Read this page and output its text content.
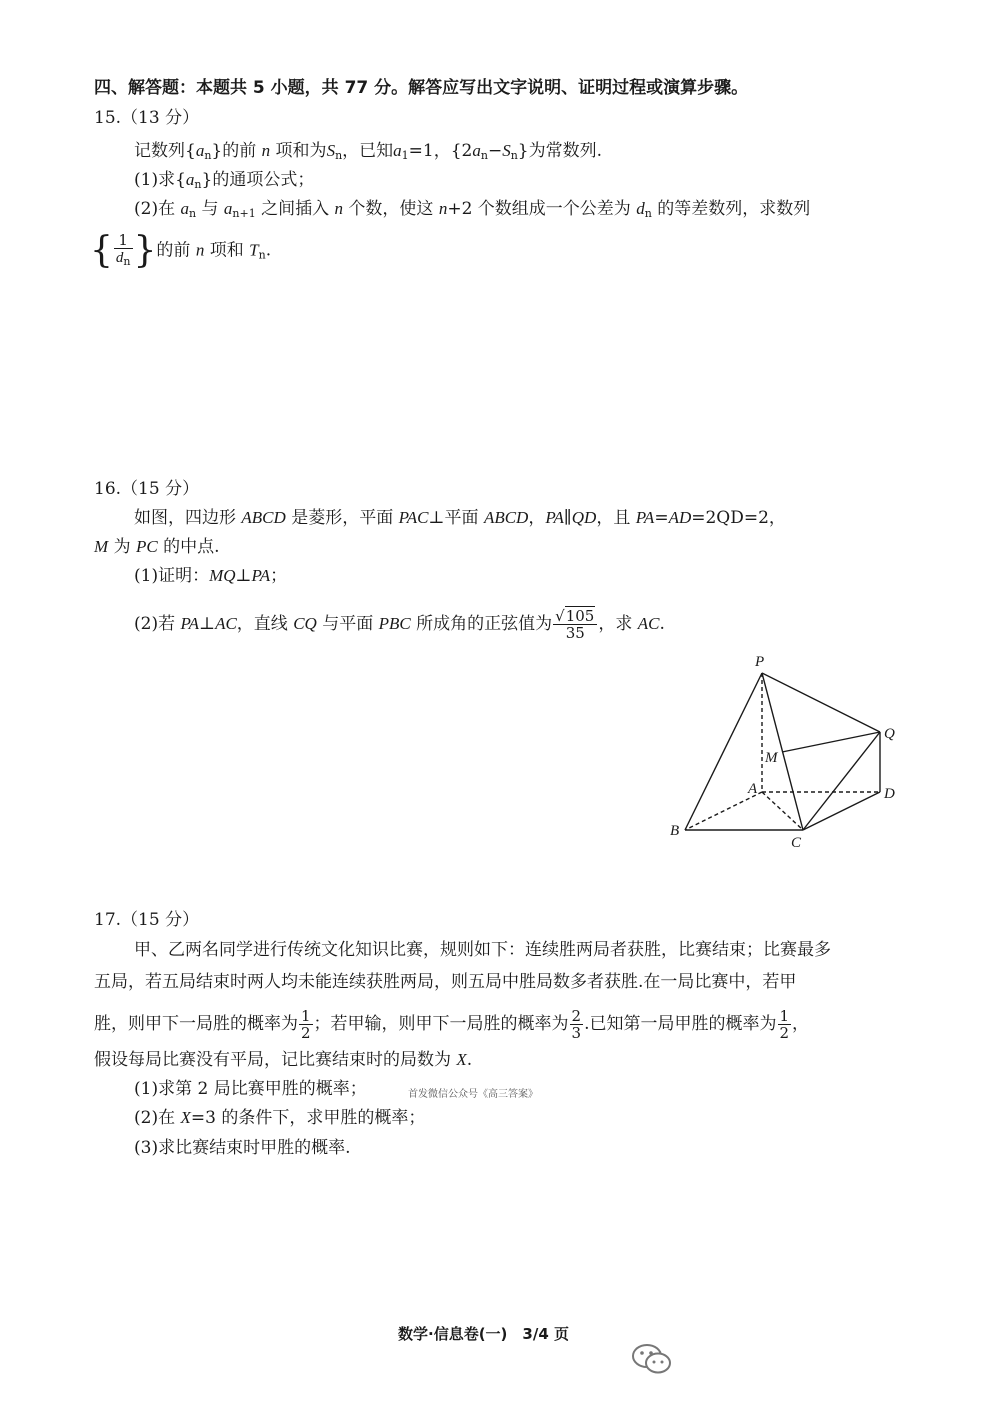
四、解答题：本题共 5 小题，共 77 分。解答应写出文字说明、证明过程或演算步骤。
15.（13 分）
记数列$\{a_n\}$的前 n 项和为$S_n$，已知$a_1=1$，$\{2a_n-S_n\}$为常数列.
(1)求$\{a_n\}$的通项公式；
(2)在 $a_n$ 与 $a_{n+1}$ 之间插入 n 个数，使这 n+2 个数组成一个公差为 $d_n$ 的等差数列，求数列
{ $\frac{1}{d_n}$ }的前 n 项和 $T_n$.
16.（15 分）
如图，四边形 ABCD 是菱形，平面 PAC⊥平面 ABCD，PA∥QD，且 PA=AD=2QD=2，
M 为 PC 的中点.
(1)证明：MQ⊥PA；
(2)若 PA⊥AC，直线 CQ 与平面 PBC 所成角的正弦值为 $\frac{√105}{35}$ ，求 AC.
P
Q
M
A	D
B
C
17.（15 分）
甲、乙两名同学进行传统文化知识比赛，规则如下：连续胜两局者获胜，比赛结束；比赛最多
五局，若五局结束时两人均未能连续获胜两局，则五局中胜局数多者获胜.在一局比赛中，若甲
胜，则甲下一局胜的概率为 $\frac{1}{2}$ ；若甲输，则甲下一局胜的概率为 $\frac{2}{3}$ .已知第一局甲胜的概率为 $\frac{1}{2}$ ，
假设每局比赛没有平局，记比赛结束时的局数为 X.
(1)求第 2 局比赛甲胜的概率；	首发微信公众号《高三答案》
(2)在 X=3 的条件下，求甲胜的概率；
(3)求比赛结束时甲胜的概率.
数学·信息卷(一)　3/4 页
